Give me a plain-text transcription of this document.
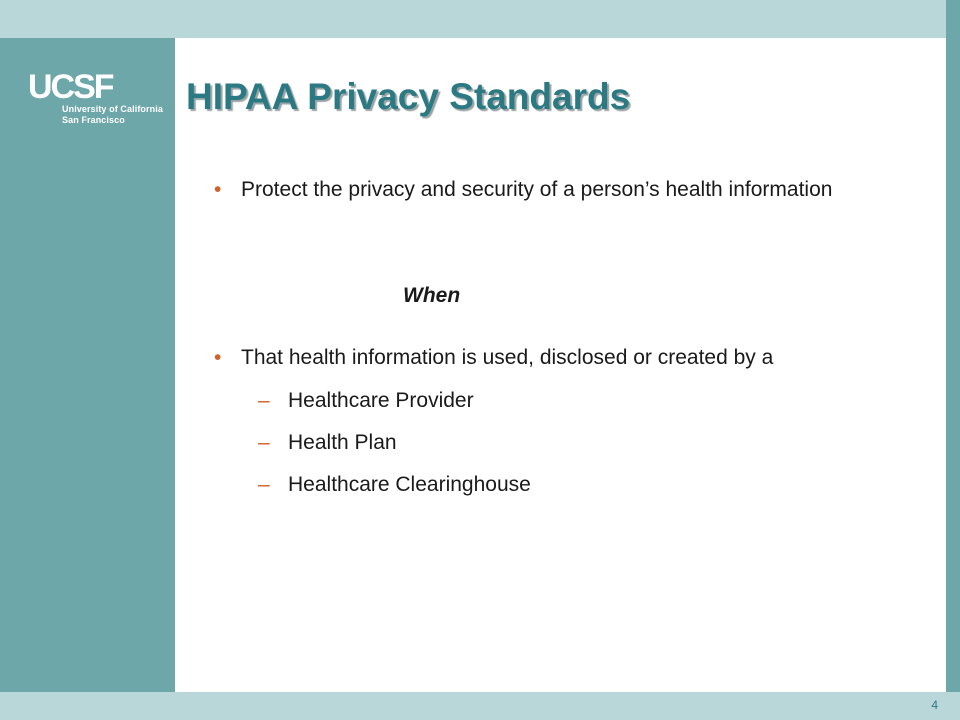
UCSF
University of California
San Francisco
HIPAA Privacy Standards
• Protect the privacy and security of a person’s health information
When
• That health information is used, disclosed or created by a
– Healthcare Provider
– Health Plan
– Healthcare Clearinghouse
4
